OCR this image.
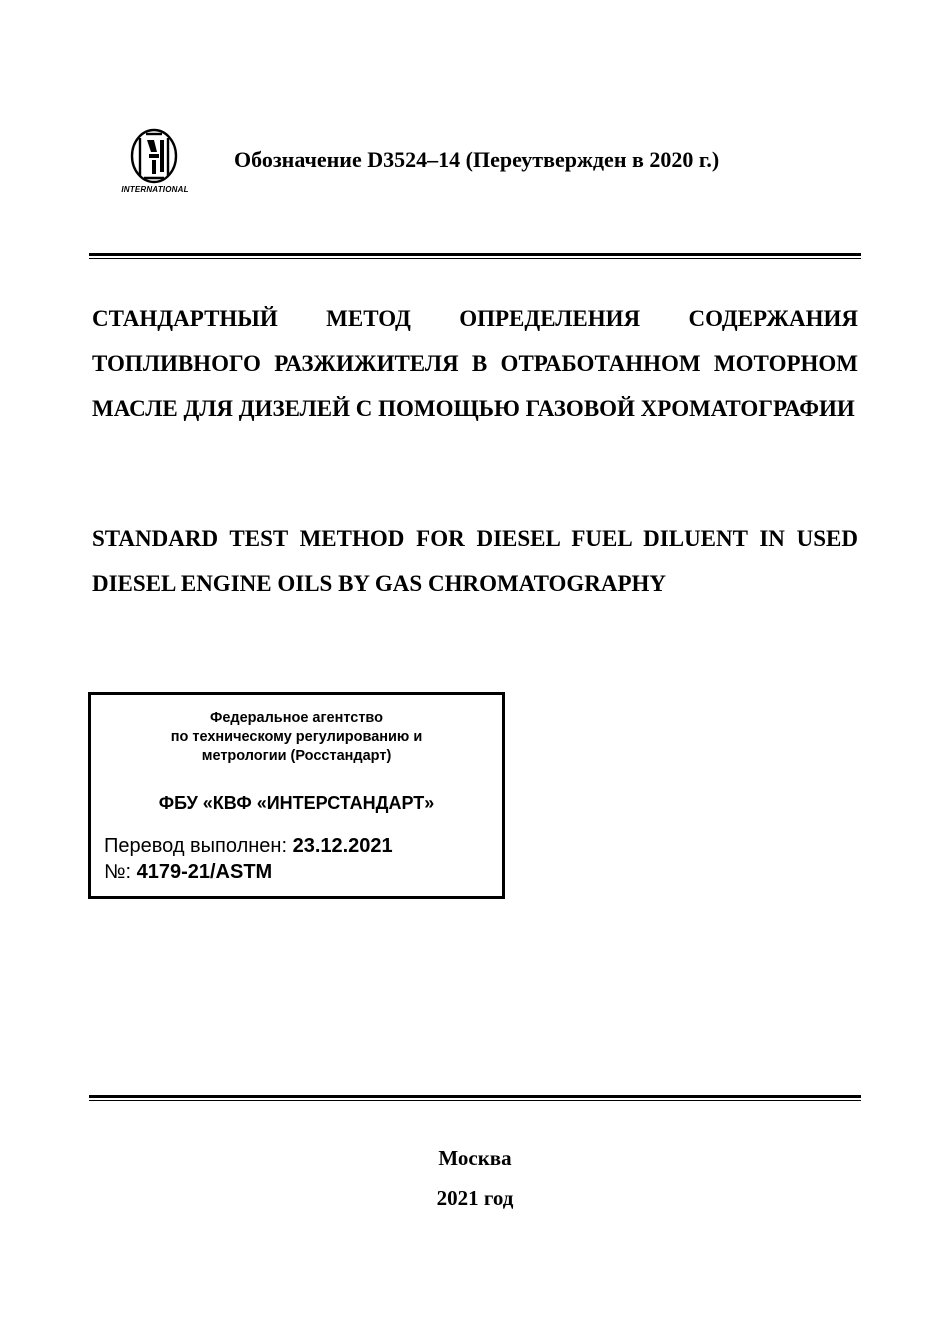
INTERNATIONAL
Обозначение D3524–14 (Переутвержден в 2020 г.)
СТАНДАРТНЫЙ МЕТОД ОПРЕДЕЛЕНИЯ СОДЕРЖАНИЯ ТОПЛИВНОГО РАЗЖИЖИТЕЛЯ В ОТРАБОТАННОМ МОТОРНОМ МАСЛЕ ДЛЯ ДИЗЕЛЕЙ С ПОМОЩЬЮ ГАЗОВОЙ ХРОМАТОГРАФИИ
STANDARD TEST METHOD FOR DIESEL FUEL DILUENT IN USED DIESEL ENGINE OILS BY GAS CHROMATOGRAPHY
Федеральное агентство
по техническому регулированию и
метрологии (Росстандарт)
ФБУ «КВФ «ИНТЕРСТАНДАРТ»
Перевод выполнен: 23.12.2021
№: 4179-21/ASTM
Москва
2021 год
